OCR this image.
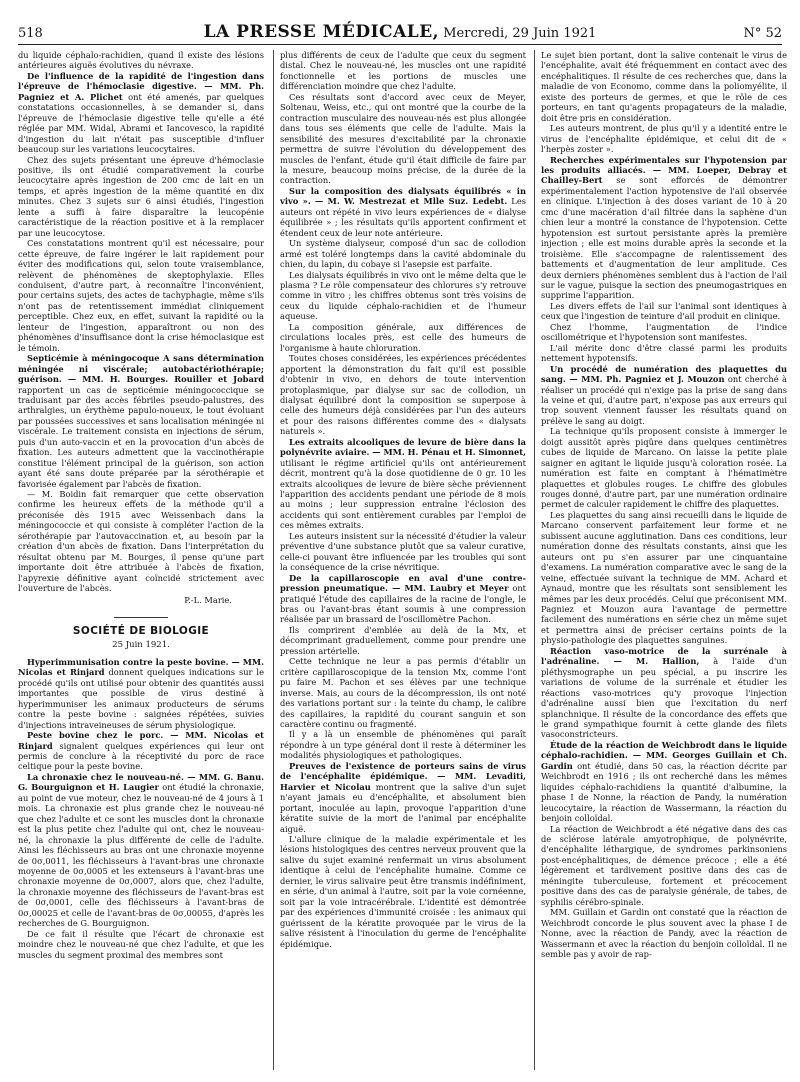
518	LA PRESSE MÉDICALE, Mercredi, 29 Juin 1921	N° 52

du liquide céphalo-rachidien, quand il existe des lésions antérieures aiguës évolutives du névraxe.

De l'influence de la rapidité de l'ingestion dans l'épreuve de l'hémoclasie digestive. — MM. Ph. Pagniez et A. Plichet ont été amenés, par quelques constatations occasionnelles, à se demander si, dans l'épreuve de l'hémoclasie digestive telle qu'elle a été réglée par MM. Widal, Abrami et Iancovesco, la rapidité d'ingestion du lait n'était pas susceptible d'influer beaucoup sur les variations leucocytaires.

Chez des sujets présentant une épreuve d'hémoclasie positive, ils ont étudié comparativement la courbe leucocytaire après ingestion de 200 cmc de lait en un temps, et après ingestion de la même quantité en dix minutes. Chez 3 sujets sur 6 ainsi étudiés, l'ingestion lente a suffi à faire disparaître la leucopénie caractéristique de la réaction positive et à la remplacer par une leucocytose.

Ces constatations montrent qu'il est nécessaire, pour cette épreuve, de faire ingérer le lait rapidement pour éviter des modifications qui, selon toute vraisemblance, relèvent de phénomènes de skeptophylaxie. Elles conduisent, d'autre part, à reconnaître l'inconvénient, pour certains sujets, des actes de tachyphagie, même s'ils n'ont pas de retentissement immédiat cliniquement perceptible. Chez eux, en effet, suivant la rapidité ou la lenteur de l'ingestion, apparaîtront ou non des phénomènes d'insuffisance dont la crise hémoclasique est le témoin.

Septicémie à méningocoque A sans détermination méningée ni viscérale; autobactériothérapie; guérison. — MM. H. Bourges. Rouiller et Jobard rapportent un cas de septicémie méningococcique se traduisant par des accès fébriles pseudo-palustres, des arthralgies, un érythème papulo-noueux, le tout évoluant par poussées successives et sans localisation méningée ni viscérale. Le traitement consista en injections de sérum, puis d'un auto-vaccin et en la provocation d'un abcès de fixation. Les auteurs admettent que la vaccinothérapie constitue l'élément principal de la guérison, son action ayant été sans doute préparée par la sérothérapie et favorisée également par l'abcès de fixation.

— M. Boidin fait remarquer que cette observation confirme les heureux effets de la méthode qu'il a préconisée dès 1915 avec Weissenbach dans la méningococcie et qui consiste à compléter l'action de la sérothérapie par l'autovaccination et, au besoin par la création d'un abcès de fixation. Dans l'interprétation du résultat obtenu par M. Bourges, il pense qu'une part importante doit être attribuée à l'abcès de fixation, l'apyrexie définitive ayant coïncidé strictement avec l'ouverture de l'abcès.

P.-L. Marie.
SOCIÉTÉ DE BIOLOGIE
25 Juin 1921.

Hyperimmunisation contre la peste bovine. — MM. Nicolas et Rinjard donnent quelques indications sur le procédé qu'ils ont utilisé pour obtenir des quantités aussi importantes que possible de virus destiné à hyperimmuniser les animaux producteurs de sérums contre la peste bovine : saignées répétées, suivies d'injections intraveineuses de sérum physiologique.

Peste bovine chez le porc. — MM. Nicolas et Rinjard signalent quelques expériences qui leur ont permis de conclure à la réceptivité du porc de race celtique pour la peste bovine.

La chronaxie chez le nouveau-né. — MM. G. Banu. G. Bourguignon et H. Laugier ont étudié la chronaxie, au point de vue moteur, chez le nouveau-né de 4 jours à 1 mois. La chronaxie est plus grande chez le nouveau-né que chez l'adulte et ce sont les muscles dont la chronaxie est la plus petite chez l'adulte qui ont, chez le nouveau-né, la chronaxie la plus différente de celle de l'adulte. Ainsi les fléchisseurs au bras ont une chronaxie moyenne de 0σ,0011, les fléchisseurs à l'avant-bras une chronaxie moyenne de 0σ,0005 et les extenseurs à l'avant-bras une chronaxie moyenne de 0σ,0007, alors que, chez l'adulte, la chronaxie moyenne des fléchisseurs de l'avant-bras est de 0σ,0001, celle des fléchisseurs à l'avant-bras de 0σ,00025 et celle de l'avant-bras de 0σ,00055, d'après les recherches de G. Bourguignon.

De ce fait il résulte que l'écart de chronaxie est moindre chez le nouveau-né que chez l'adulte, et que les muscles du segment proximal des membres sont

plus différents de ceux de l'adulte que ceux du segment distal. Chez le nouveau-né, les muscles ont une rapidité fonctionnelle et les portions de muscles une différenciation moindre que chez l'adulte.

Ces résultats sont d'accord avec ceux de Meyer, Soltenau, Weiss, etc., qui ont montré que la courbe de la contraction musculaire des nouveau-nés est plus allongée dans tous ses éléments que celle de l'adulte. Mais la sensibilité des mesures d'excitabilité par la chronaxie permettra de suivre l'évolution du développement des muscles de l'enfant, étude qu'il était difficile de faire par la mesure, beaucoup moins précise, de la durée de la contraction.

Sur la composition des dialysats équilibrés « in vivo ». — M. W. Mestrezat et Mlle Suz. Ledebt. Les auteurs ont répété in vivo leurs expériences de « dialyse équilibrée » ; les résultats qu'ils apportent confirment et étendent ceux de leur note antérieure.

Un système dialyseur, composé d'un sac de collodion armé est toléré longtemps dans la cavité abdominale du chien, du lapin, du cobaye si l'asepsie est parfaite.

Les dialysats équilibrés in vivo ont le même delta que le plasma ? Le rôle compensateur des chlorures s'y retrouve comme in vitro ; les chiffres obtenus sont très voisins de ceux du liquide céphalo-rachidien et de l'humeur aqueuse.

La composition générale, aux différences de circulations locales près, est celle des humeurs de l'organisme à haute chloruration.

Toutes choses considérées, les expériences précédentes apportent la démonstration du fait qu'il est possible d'obtenir in vivo, en dehors de toute intervention protoplasmique, par dialyse sur sac de collodion, un dialysat équilibré dont la composition se superpose à celle des humeurs déjà considérées par l'un des auteurs et pour des raisons différentes comme des « dialysats naturels ».

Les extraits alcooliques de levure de bière dans la polynévrite aviaire. — MM. H. Pénau et H. Simonnet, utilisant le régime artificiel qu'ils ont antérieurement décrit, montrent qu'à la dose quotidienne de 0 gr. 10 les extraits alcooliques de levure de bière sèche préviennent l'apparition des accidents pendant une période de 8 mois au moins ; leur suppression entraîne l'éclosion des accidents qui sont entièrement curables par l'emploi de ces mêmes extraits.

Les auteurs insistent sur la nécessité d'étudier la valeur préventive d'une substance plutôt que sa valeur curative, celle-ci pouvant être influencée par les troubles qui sont la conséquence de la crise névritique.

De la capillaroscopie en aval d'une contre-pression pneumatique. — MM. Laubry et Meyer ont pratiqué l'étude des capillaires de la racine de l'ongle, le bras ou l'avant-bras étant soumis à une compression réalisée par un brassard de l'oscillomètre Pachon.

Ils comprirent d'emblée au delà de la Mx, et décomprimant graduellement, comme pour prendre une pression artérielle.

Cette technique ne leur a pas permis d'établir un critère capillaroscopique de la tension Mx, comme l'ont pu faire M. Pachon et ses élèves par une technique inverse. Mais, au cours de la décompression, ils ont noté des variations portant sur : la teinte du champ, le calibre des capillaires, la rapidité du courant sanguin et son caractère continu ou fragmenté.

Il y a là un ensemble de phénomènes qui paraît répondre à un type général dont il reste à déterminer les modalités physiologiques et pathologiques.

Preuves de l'existence de porteurs sains de virus de l'encéphalite épidémique. — MM. Levaditi, Harvier et Nicolau montrent que la salive d'un sujet n'ayant jamais eu d'encéphalite, et absolument bien portant, inoculée au lapin, provoque l'apparition d'une kératite suivie de la mort de l'animal par encéphalite aiguë.

L'allure clinique de la maladie expérimentale et les lésions histologiques des centres nerveux prouvent que la salive du sujet examiné renfermait un virus absolument identique à celui de l'encéphalite humaine. Comme ce dernier, le virus salivaire peut être transmis indéfiniment, en série, d'un animal à l'autre, soit par la voie cornéenne, soit par la voie intracérébrale. L'identité est démontrée par des expériences d'immunité croisée : les animaux qui guérissent de la kératite provoquée par le virus de la salive résistent à l'inoculation du germe de l'encéphalite épidémique.

Le sujet bien portant, dont la salive contenait le virus de l'encéphalite, avait été fréquemment en contact avec des encéphalitiques. Il résulte de ces recherches que, dans la maladie de von Economo, comme dans la poliomyélite, il existe des porteurs de germes, et que le rôle de ces porteurs, en tant qu'agents propagateurs de la maladie, doit être pris en considération.

Les auteurs montrent, de plus qu'il y a identité entre le virus de l'encéphalite épidémique, et celui dit de « l'herpès zoster ».

Recherches expérimentales sur l'hypotension par les produits alliacés. — MM. Loeper, Debray et Chailley-Bert se sont efforcés de démontrer expérimentalement l'action hypotensive de l'ail observée en clinique. L'injection à des doses variant de 10 à 20 cmc d'une macération d'ail filtrée dans la saphène d'un chien leur a montré la constance de l'hypotension. Cette hypotension est surtout persistante après la première injection ; elle est moins durable après la seconde et la troisième. Elle s'accompagne de ralentissement des battements et d'augmentation de leur amplitude. Ces deux derniers phénomènes semblent dus à l'action de l'ail sur le vague, puisque la section des pneumogastriques en supprime l'apparition.

Les divers effets de l'ail sur l'animal sont identiques à ceux que l'ingestion de teinture d'ail produit en clinique.

Chez l'homme, l'augmentation de l'indice oscillométrique et l'hypotension sont manifestes.

L'ail mérite donc d'être classé parmi les produits nettement hypotensifs.

Un procédé de numération des plaquettes du sang. — MM. Ph. Pagniez et J. Mouzon ont cherché à réaliser un procédé qui n'exige pas la prise de sang dans la veine et qui, d'autre part, n'expose pas aux erreurs qui trop souvent viennent fausser les résultats quand on prélève le sang au doigt.

La technique qu'ils proposent consiste à immerger le doigt aussitôt après piqûre dans quelques centimètres cubes de liquide de Marcano. On laisse la petite plaie saigner en agitant le liquide jusqu'à coloration rosée. La numération est faite en comptant à l'hématimètre plaquettes et globules rouges. Le chiffre des globules rouges donné, d'autre part, par une numération ordinaire permet de calculer rapidement le chiffre des plaquettes.

Les plaquettes du sang ainsi recueilli dans le liquide de Marcano conservent parfaitement leur forme et ne subissent aucune agglutination. Dans ces conditions, leur numération donne des résultats constants, ainsi que les auteurs ont pu s'en assurer par une cinquantaine d'examens. La numération comparative avec le sang de la veine, effectuée suivant la technique de MM. Achard et Aynaud, montre que les résultats sont sensiblement les mêmes par les deux procédés. Celui que préconisent MM. Pagniez et Mouzon aura l'avantage de permettre facilement des numérations en série chez un même sujet et permettra ainsi de préciser certains points de la physio-pathologie des plaquettes sanguines.

Réaction vaso-motrice de la surrénale à l'adrénaline. — M. Hallion, à l'aide d'un pléthysmographe un peu spécial, a pu inscrire les variations de volume de la surrénale et étudier les réactions vaso-motrices qu'y provoque l'injection d'adrénaline aussi bien que l'excitation du nerf splanchnique. Il résulte de la concordance des effets que le grand sympathique fournit à cette glande des filets vasoconstricteurs.

Étude de la réaction de Weichbrodt dans le liquide céphalo-rachidien. — MM. Georges Guillain et Ch. Gardin ont étudié, dans 50 cas, la réaction décrite par Weichbrodt en 1916 ; ils ont recherché dans les mêmes liquides céphalo-rachidiens la quantité d'albumine, la phase I de Nonne, la réaction de Pandy, la numération leucocytaire, la réaction de Wassermann, la réaction du benjoin colloïdal.

La réaction de Weichbrodt a été négative dans des cas de sclérose latérale amyotrophique, de polynévrite, d'encéphalite léthargique, de syndromes parkinsoniens post-encéphalitiques, de démence précoce ; elle a été légèrement et tardivement positive dans des cas de méningite tuberculeuse, fortement et précocement positive dans des cas de paralysie générale, de tabes, de syphilis cérébro-spinale.

MM. Guillain et Gardin ont constaté que la réaction de Weichbrodt concorde le plus souvent avec la phase I de Nonne, avec la réaction de Pandy, avec la réaction de Wassermann et avec la réaction du benjoin colloïdal. Il ne semble pas y avoir de rap-
